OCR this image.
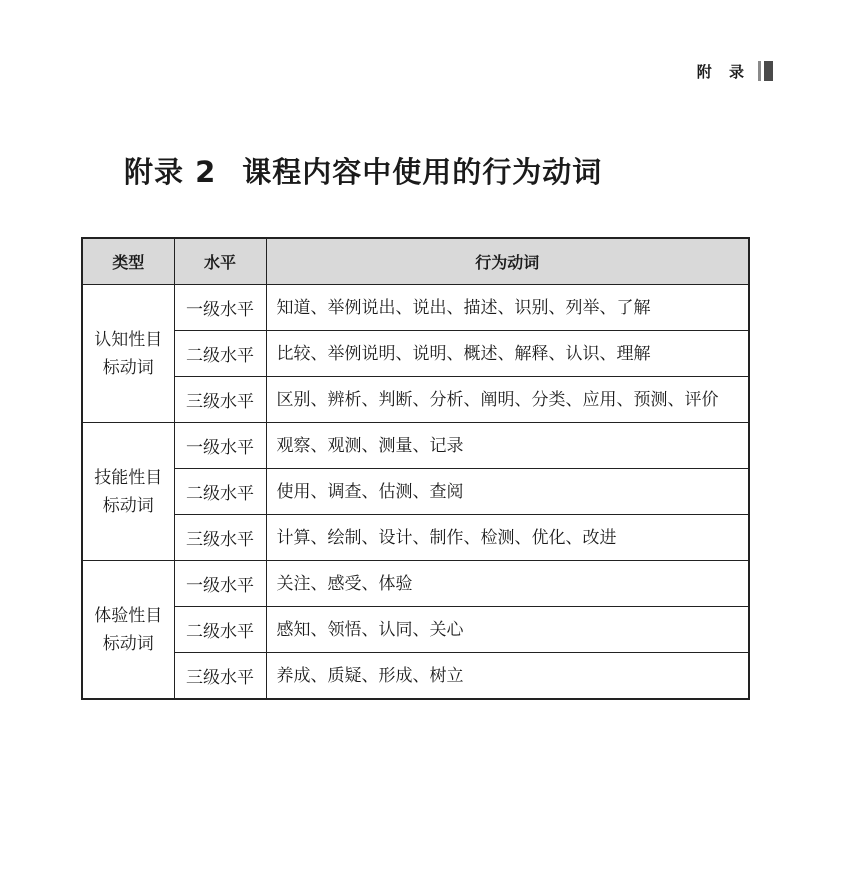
附 录
附录 2 课程内容中使用的行为动词
类型	水平	行为动词
认知性目标动词	一级水平	知道、举例说出、说出、描述、识别、列举、了解
	二级水平	比较、举例说明、说明、概述、解释、认识、理解
	三级水平	区别、辨析、判断、分析、阐明、分类、应用、预测、评价
技能性目标动词	一级水平	观察、观测、测量、记录
	二级水平	使用、调查、估测、查阅
	三级水平	计算、绘制、设计、制作、检测、优化、改进
体验性目标动词	一级水平	关注、感受、体验
	二级水平	感知、领悟、认同、关心
	三级水平	养成、质疑、形成、树立
